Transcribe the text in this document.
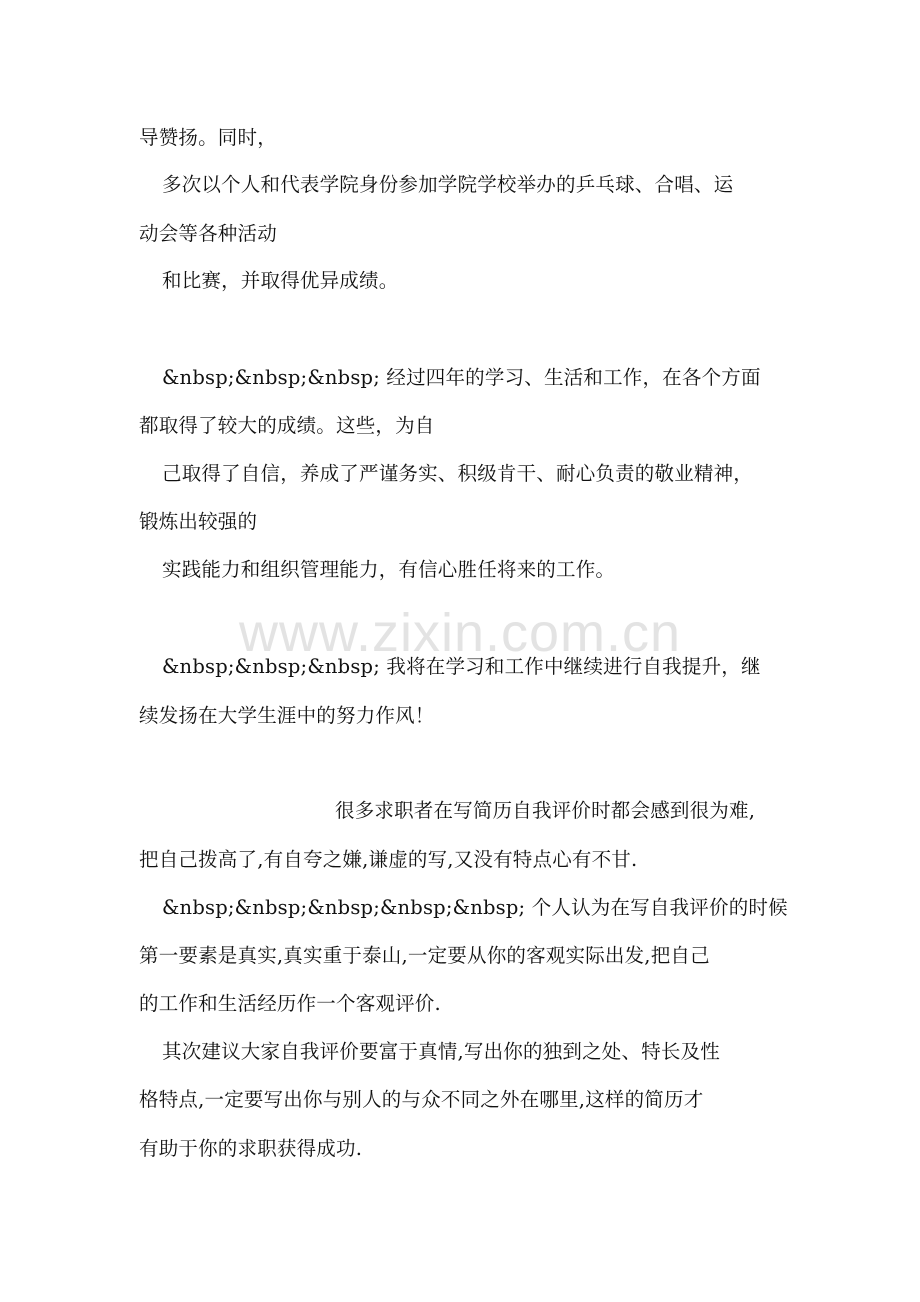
www.zixin.com.cn
导赞扬。同时，
多次以个人和代表学院身份参加学院学校举办的乒乓球、合唱、运
动会等各种活动
和比赛，并取得优异成绩。
&nbsp;&nbsp;&nbsp; 经过四年的学习、生活和工作，在各个方面
都取得了较大的成绩。这些，为自
己取得了自信，养成了严谨务实、积级肯干、耐心负责的敬业精神，
锻炼出较强的
实践能力和组织管理能力，有信心胜任将来的工作。
&nbsp;&nbsp;&nbsp; 我将在学习和工作中继续进行自我提升，继
续发扬在大学生涯中的努力作风！
很多求职者在写简历自我评价时都会感到很为难,
把自己拨高了,有自夸之嫌,谦虚的写,又没有特点心有不甘.
&nbsp;&nbsp;&nbsp;&nbsp;&nbsp; 个人认为在写自我评价的时候
第一要素是真实,真实重于泰山,一定要从你的客观实际出发,把自己
的工作和生活经历作一个客观评价.
其次建议大家自我评价要富于真情,写出你的独到之处、特长及性
格特点,一定要写出你与别人的与众不同之外在哪里,这样的简历才
有助于你的求职获得成功.
